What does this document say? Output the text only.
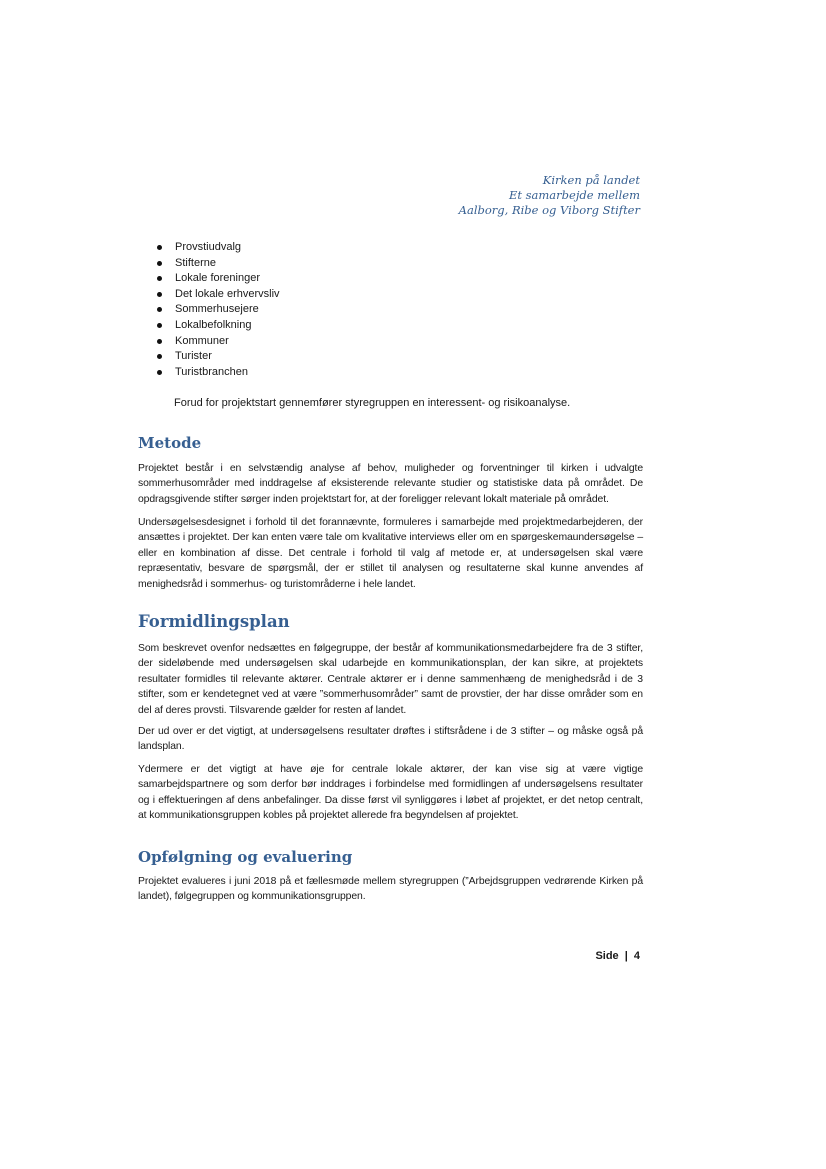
Kirken på landet
Et samarbejde mellem
Aalborg, Ribe og Viborg Stifter
Provstiudvalg
Stifterne
Lokale foreninger
Det lokale erhvervsliv
Sommerhusejere
Lokalbefolkning
Kommuner
Turister
Turistbranchen
Forud for projektstart gennemfører styregruppen en interessent- og risikoanalyse.
Metode

Projektet består i en selvstændig analyse af behov, muligheder og forventninger til kirken i udvalgte sommerhusområder med inddragelse af eksisterende relevante studier og statistiske data på området. De opdragsgivende stifter sørger inden projektstart for, at der foreligger relevant lokalt materiale på området.

Undersøgelsesdesignet i forhold til det forannævnte, formuleres i samarbejde med projektmedarbejderen, der ansættes i projektet. Der kan enten være tale om kvalitative interviews eller om en spørgeskemaundersøgelse – eller en kombination af disse. Det centrale i forhold til valg af metode er, at undersøgelsen skal være repræsentativ, besvare de spørgsmål, der er stillet til analysen og resultaterne skal kunne anvendes af menighedsråd i sommerhus- og turistområderne i hele landet.

Formidlingsplan

Som beskrevet ovenfor nedsættes en følgegruppe, der består af kommunikationsmedarbejdere fra de 3 stifter, der sideløbende med undersøgelsen skal udarbejde en kommunikationsplan, der kan sikre, at projektets resultater formidles til relevante aktører. Centrale aktører er i denne sammenhæng de menighedsråd i de 3 stifter, som er kendetegnet ved at være ”sommerhusområder” samt de provstier, der har disse områder som en del af deres provsti. Tilsvarende gælder for resten af landet.

Der ud over er det vigtigt, at undersøgelsens resultater drøftes i stiftsrådene i de 3 stifter – og måske også på landsplan.

Ydermere er det vigtigt at have øje for centrale lokale aktører, der kan vise sig at være vigtige samarbejdspartnere og som derfor bør inddrages i forbindelse med formidlingen af undersøgelsens resultater og i effektueringen af dens anbefalinger. Da disse først vil synliggøres i løbet af projektet, er det netop centralt, at kommunikationsgruppen kobles på projektet allerede fra begyndelsen af projektet.

Opfølgning og evaluering

Projektet evalueres i juni 2018 på et fællesmøde mellem styregruppen (”Arbejdsgruppen vedrørende Kirken på landet), følgegruppen og kommunikationsgruppen.

Side | 4
